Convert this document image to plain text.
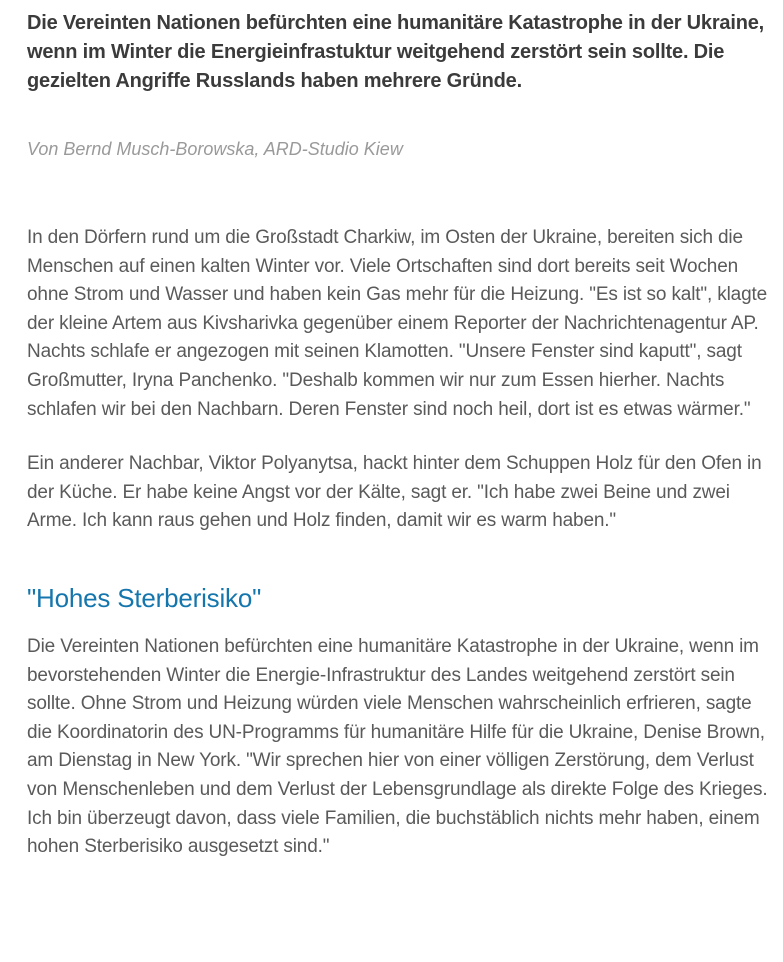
Die Vereinten Nationen befürchten eine humanitäre Katastrophe in der Ukraine, wenn im Winter die Energieinfrastuktur weitgehend zerstört sein sollte. Die gezielten Angriffe Russlands haben mehrere Gründe.

Von Bernd Musch-Borowska, ARD-Studio Kiew

In den Dörfern rund um die Großstadt Charkiw, im Osten der Ukraine, bereiten sich die Menschen auf einen kalten Winter vor. Viele Ortschaften sind dort bereits seit Wochen ohne Strom und Wasser und haben kein Gas mehr für die Heizung. "Es ist so kalt", klagte der kleine Artem aus Kivsharivka gegenüber einem Reporter der Nachrichtenagentur AP. Nachts schlafe er angezogen mit seinen Klamotten. "Unsere Fenster sind kaputt", sagt Großmutter, Iryna Panchenko. "Deshalb kommen wir nur zum Essen hierher. Nachts schlafen wir bei den Nachbarn. Deren Fenster sind noch heil, dort ist es etwas wärmer."

Ein anderer Nachbar, Viktor Polyanytsa, hackt hinter dem Schuppen Holz für den Ofen in der Küche. Er habe keine Angst vor der Kälte, sagt er. "Ich habe zwei Beine und zwei Arme. Ich kann raus gehen und Holz finden, damit wir es warm haben."

"Hohes Sterberisiko"

Die Vereinten Nationen befürchten eine humanitäre Katastrophe in der Ukraine, wenn im bevorstehenden Winter die Energie-Infrastruktur des Landes weitgehend zerstört sein sollte. Ohne Strom und Heizung würden viele Menschen wahrscheinlich erfrieren, sagte die Koordinatorin des UN-Programms für humanitäre Hilfe für die Ukraine, Denise Brown, am Dienstag in New York. "Wir sprechen hier von einer völligen Zerstörung, dem Verlust von Menschenleben und dem Verlust der Lebensgrundlage als direkte Folge des Krieges. Ich bin überzeugt davon, dass viele Familien, die buchstäblich nichts mehr haben, einem hohen Sterberisiko ausgesetzt sind."
